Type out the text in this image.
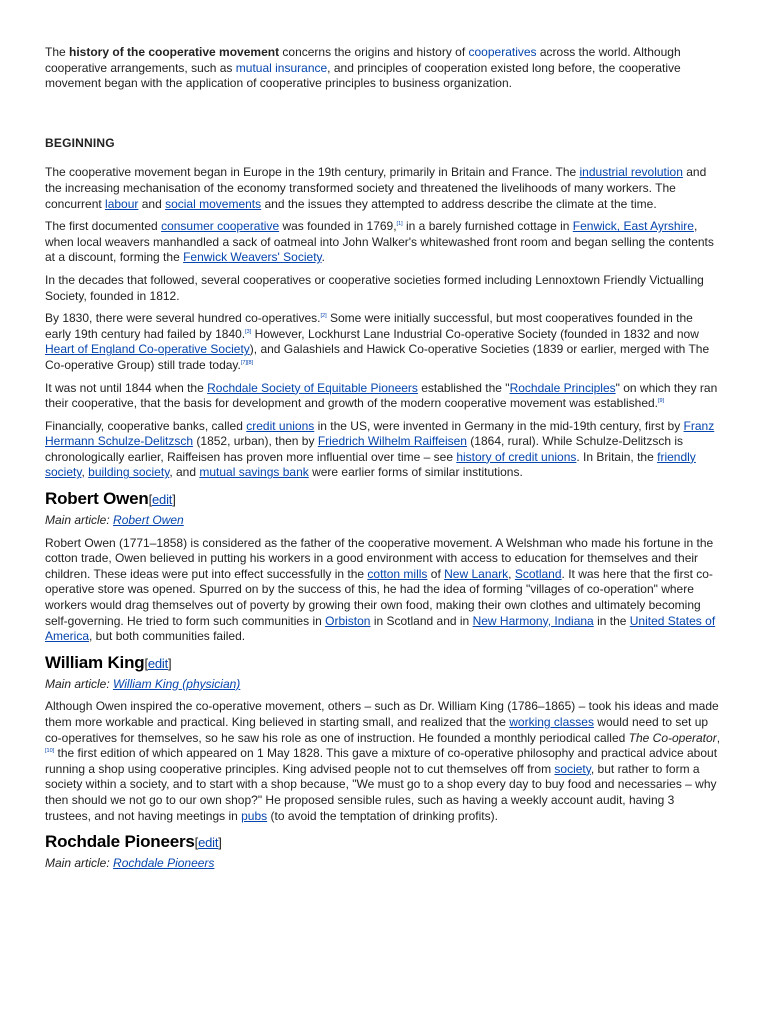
The history of the cooperative movement concerns the origins and history of cooperatives across the world. Although cooperative arrangements, such as mutual insurance, and principles of cooperation existed long before, the cooperative movement began with the application of cooperative principles to business organization.

BEGINNING

The cooperative movement began in Europe in the 19th century, primarily in Britain and France. The industrial revolution and the increasing mechanisation of the economy transformed society and threatened the livelihoods of many workers. The concurrent labour and social movements and the issues they attempted to address describe the climate at the time.

The first documented consumer cooperative was founded in 1769,[1] in a barely furnished cottage in Fenwick, East Ayrshire, when local weavers manhandled a sack of oatmeal into John Walker's whitewashed front room and began selling the contents at a discount, forming the Fenwick Weavers' Society.

In the decades that followed, several cooperatives or cooperative societies formed including Lennoxtown Friendly Victualling Society, founded in 1812.

By 1830, there were several hundred co-operatives.[2] Some were initially successful, but most cooperatives founded in the early 19th century had failed by 1840.[3] However, Lockhurst Lane Industrial Co-operative Society (founded in 1832 and now Heart of England Co-operative Society), and Galashiels and Hawick Co-operative Societies (1839 or earlier, merged with The Co-operative Group) still trade today.[7][8]

It was not until 1844 when the Rochdale Society of Equitable Pioneers established the "Rochdale Principles" on which they ran their cooperative, that the basis for development and growth of the modern cooperative movement was established.[9]

Financially, cooperative banks, called credit unions in the US, were invented in Germany in the mid-19th century, first by Franz Hermann Schulze-Delitzsch (1852, urban), then by Friedrich Wilhelm Raiffeisen (1864, rural). While Schulze-Delitzsch is chronologically earlier, Raiffeisen has proven more influential over time – see history of credit unions. In Britain, the friendly society, building society, and mutual savings bank were earlier forms of similar institutions.

Robert Owen[edit]
Main article: Robert Owen

Robert Owen (1771–1858) is considered as the father of the cooperative movement. A Welshman who made his fortune in the cotton trade, Owen believed in putting his workers in a good environment with access to education for themselves and their children. These ideas were put into effect successfully in the cotton mills of New Lanark, Scotland. It was here that the first co-operative store was opened. Spurred on by the success of this, he had the idea of forming "villages of co-operation" where workers would drag themselves out of poverty by growing their own food, making their own clothes and ultimately becoming self-governing. He tried to form such communities in Orbiston in Scotland and in New Harmony, Indiana in the United States of America, but both communities failed.

William King[edit]
Main article: William King (physician)

Although Owen inspired the co-operative movement, others – such as Dr. William King (1786–1865) – took his ideas and made them more workable and practical. King believed in starting small, and realized that the working classes would need to set up co-operatives for themselves, so he saw his role as one of instruction. He founded a monthly periodical called The Co-operator,[10] the first edition of which appeared on 1 May 1828. This gave a mixture of co-operative philosophy and practical advice about running a shop using cooperative principles. King advised people not to cut themselves off from society, but rather to form a society within a society, and to start with a shop because, "We must go to a shop every day to buy food and necessaries – why then should we not go to our own shop?" He proposed sensible rules, such as having a weekly account audit, having 3 trustees, and not having meetings in pubs (to avoid the temptation of drinking profits).

Rochdale Pioneers[edit]
Main article: Rochdale Pioneers
